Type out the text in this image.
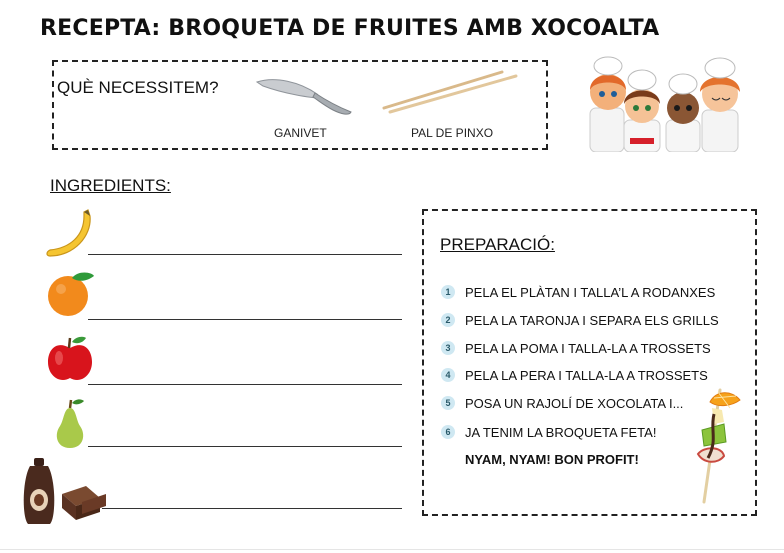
RECEPTA: BROQUETA DE FRUITES AMB XOCOALTA
QUÈ NECESSITEM?
GANIVET	PAL DE PINXO
INGREDIENTS:
PREPARACIÓ:
1	PELA EL PLÀTAN I TALLA’L A RODANXES
2	PELA LA TARONJA I SEPARA ELS GRILLS
3	PELA LA POMA I TALLA-LA A TROSSETS
4	PELA LA PERA I TALLA-LA A TROSSETS
5	POSA UN RAJOLÍ DE XOCOLATA I...
6	JA TENIM LA BROQUETA FETA!
NYAM, NYAM! BON PROFIT!
